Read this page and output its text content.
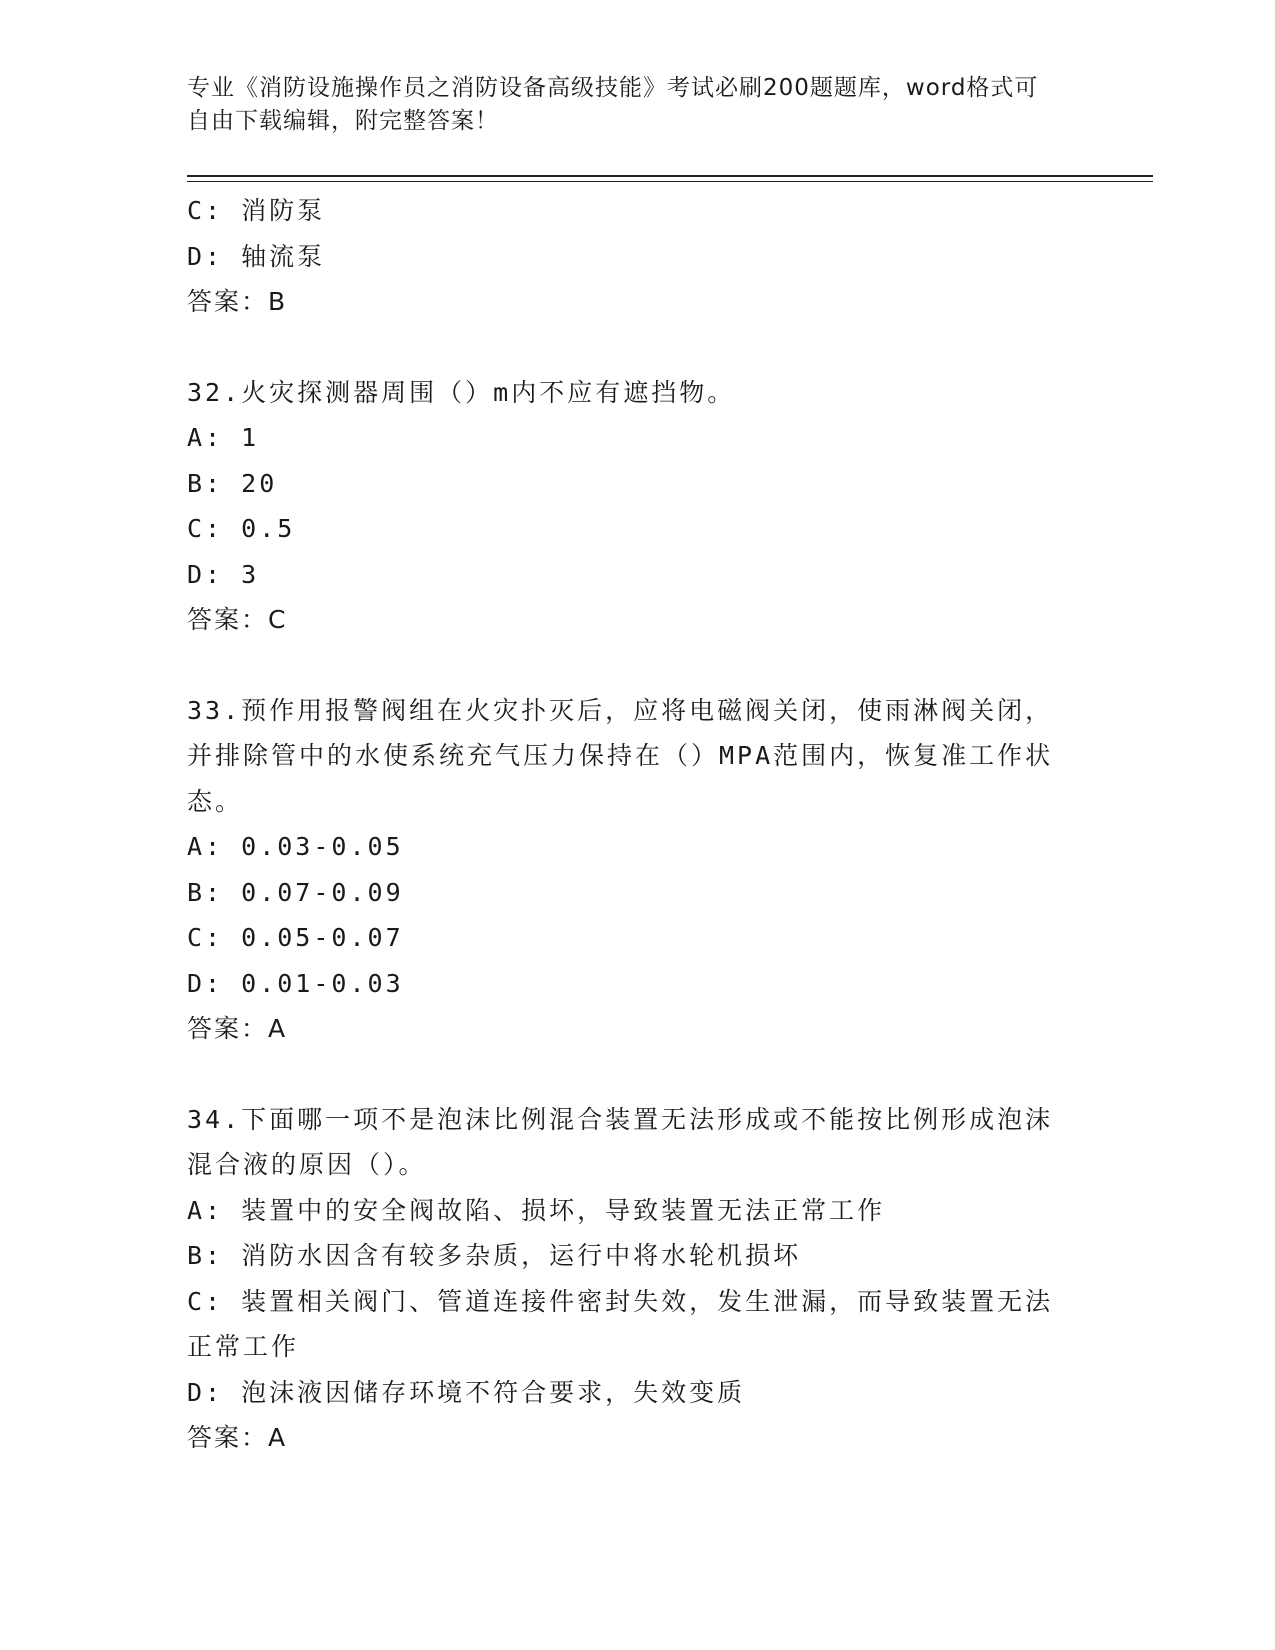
专业《消防设施操作员之消防设备高级技能》考试必刷200题题库，word格式可
自由下载编辑，附完整答案！
C: 消防泵
D: 轴流泵
答案：B
32.火灾探测器周围（）m内不应有遮挡物。
A: 1
B: 20
C: 0.5
D: 3
答案：C
33.预作用报警阀组在火灾扑灭后，应将电磁阀关闭，使雨淋阀关闭，
并排除管中的水使系统充气压力保持在（）MPA范围内，恢复准工作状
态。
A: 0.03-0.05
B: 0.07-0.09
C: 0.05-0.07
D: 0.01-0.03
答案：A
34.下面哪一项不是泡沫比例混合装置无法形成或不能按比例形成泡沫
混合液的原因（）。
A: 装置中的安全阀故陷、损坏，导致装置无法正常工作
B: 消防水因含有较多杂质，运行中将水轮机损坏
C: 装置相关阀门、管道连接件密封失效，发生泄漏，而导致装置无法
正常工作
D: 泡沫液因储存环境不符合要求，失效变质
答案：A
